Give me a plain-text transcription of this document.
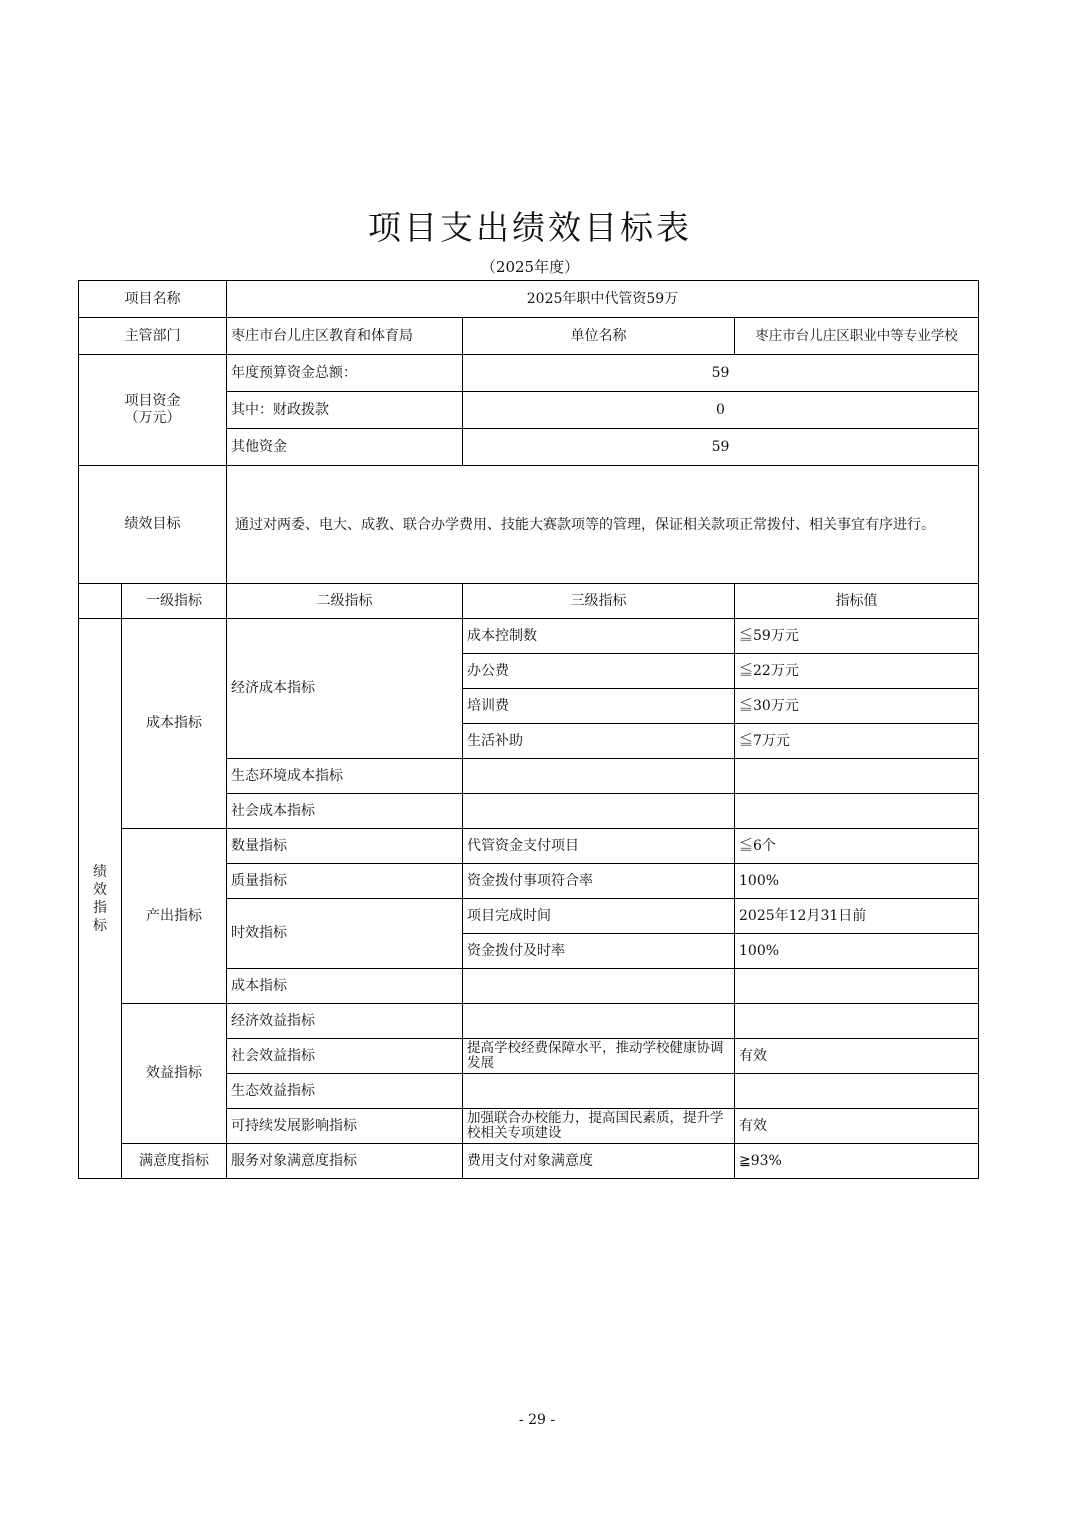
项目支出绩效目标表
（2025年度）
项目名称		2025年职中代管资59万		
主管部门		枣庄市台儿庄区教育和体育局	单位名称	枣庄市台儿庄区职业中等专业学校

项目资金
（万元）		年度预算资金总额：	59	
		其中：财政拨款	0	
		其他资金	59	
绩效目标		通过对两委、电大、成教、联合办学费用、技能大赛款项等的管理，保证相关款项正常拨付、相关事宜有序进行。		
	一级指标	二级指标	三级指标	指标值

绩
效
指
标	成本指标	经济成本指标	成本控制数	≦59万元
			办公费	≦22万元
			培训费	≦30万元
			生活补助	≦7万元
		生态环境成本指标		
		社会成本指标		
	产出指标	数量指标	代管资金支付项目	≦6个
		质量指标	资金拨付事项符合率	100%
		时效指标	项目完成时间	2025年12月31日前
			资金拨付及时率	100%
		成本指标		
	效益指标	经济效益指标		
		社会效益指标	提高学校经费保障水平，推动学校健康协调发展	有效
		生态效益指标		
		可持续发展影响指标	加强联合办校能力，提高国民素质，提升学校相关专项建设	有效
	满意度指标	服务对象满意度指标	费用支付对象满意度	≧93%
- 29 -
